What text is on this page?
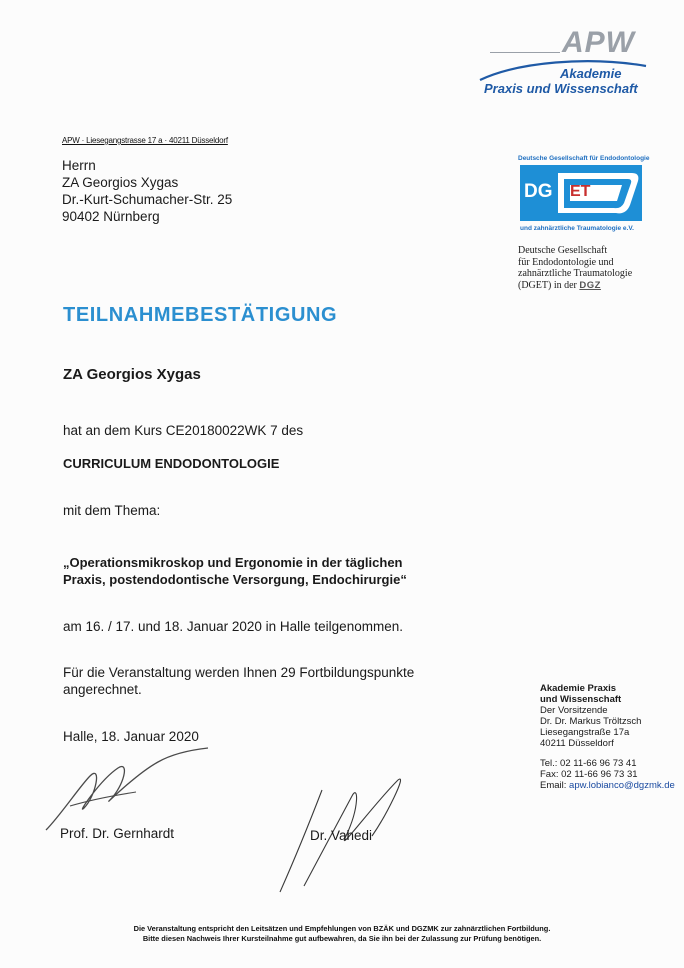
APW
Akademie
Praxis und Wissenschaft
APW · Liesegangstrasse 17 a · 40211 Düsseldorf
Herrn
ZA Georgios Xygas
Dr.-Kurt-Schumacher-Str. 25
90402 Nürnberg
Deutsche Gesellschaft für Endodontologie
DG ET
und zahnärztliche Traumatologie e.V.
Deutsche Gesellschaft
für Endodontologie und
zahnärztliche Traumatologie
(DGET) in der DGZ
TEILNAHMEBESTÄTIGUNG
ZA Georgios Xygas
hat an dem Kurs CE20180022WK 7 des
CURRICULUM ENDODONTOLOGIE
mit dem Thema:
„Operationsmikroskop und Ergonomie in der täglichen
Praxis, postendodontische Versorgung, Endochirurgie“
am 16. / 17. und 18. Januar 2020 in Halle teilgenommen.
Für die Veranstaltung werden Ihnen 29 Fortbildungspunkte
angerechnet.
Halle, 18. Januar 2020
Prof. Dr. Gernhardt	Dr. Vahedi
Akademie Praxis
und Wissenschaft
Der Vorsitzende
Dr. Dr. Markus Tröltzsch
Liesegangstraße 17a
40211 Düsseldorf
Tel.: 02 11-66 96 73 41
Fax: 02 11-66 96 73 31
Email: apw.lobianco@dgzmk.de
Die Veranstaltung entspricht den Leitsätzen und Empfehlungen von BZÄK und DGZMK zur zahnärztlichen Fortbildung.
Bitte diesen Nachweis Ihrer Kursteilnahme gut aufbewahren, da Sie ihn bei der Zulassung zur Prüfung benötigen.
